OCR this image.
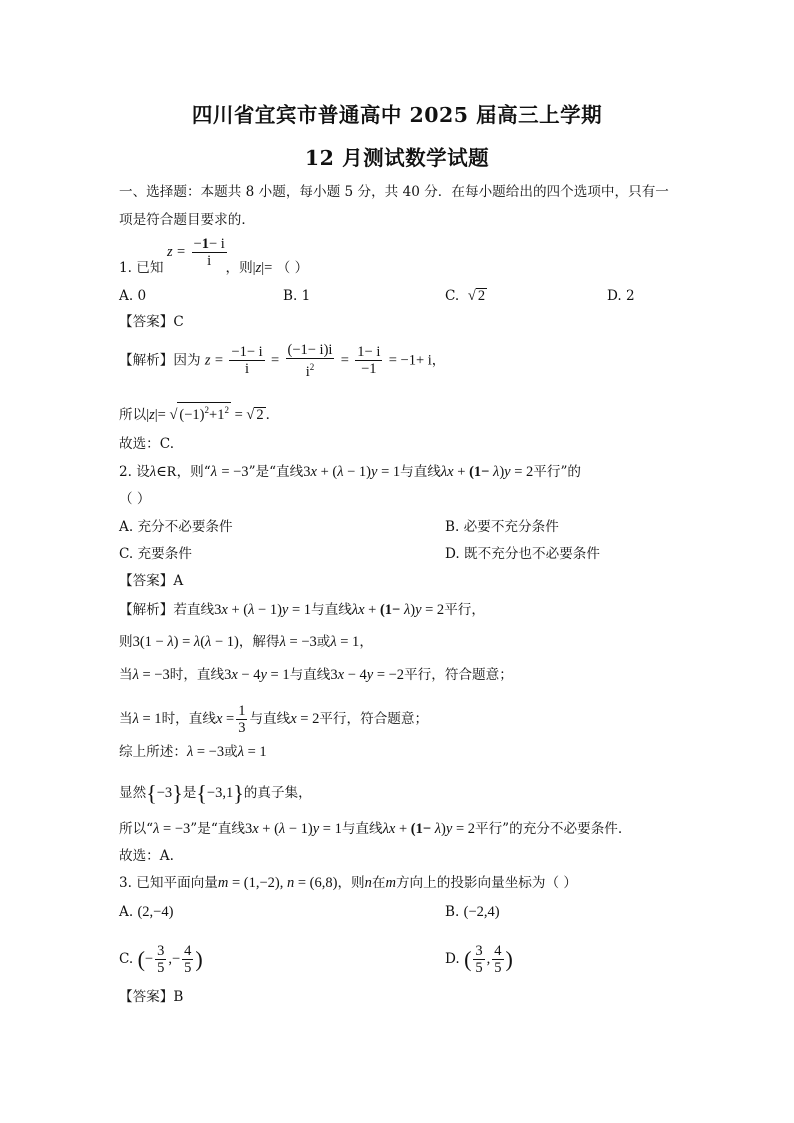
四川省宜宾市普通高中 2025 届高三上学期
12 月测试数学试题
一、选择题：本题共 8 小题，每小题 5 分，共 40 分．在每小题给出的四个选项中，只有一
项是符合题目要求的．
$z = \frac{-1- i}{i}$
1. 已知	，则|z|= （ ）
A. 0	B. 1	C. √ 2	D. 2
【答案】C
【解析】因为 $z = \frac{-1- i}{i} = \frac{(-1- i)i}{i^2} = \frac{1- i}{-1} = -1+ i$，
所以|z|= √ $(-1)^2+1^2$ = √ 2 ．
故选：C.
2. 设λ∈R，则“λ = −3”是“直线3x + (λ − 1)y = 1与直线λx + (1− λ)y = 2平行”的
（ ）
A. 充分不必要条件	B. 必要不充分条件
C. 充要条件	D. 既不充分也不必要条件
【答案】A
【解析】若直线3x + (λ − 1)y = 1与直线λx + (1− λ)y = 2平行，
则3(1 − λ) = λ(λ − 1)，解得λ = −3或λ = 1，
当λ = −3时，直线3x − 4y = 1与直线3x − 4y = −2平行，符合题意；
当λ = 1时，直线$x = \frac{1}{3}$ 与直线x = 2平行，符合题意；
综上所述：λ = −3或λ = 1
显然{−3}是{−3,1}的真子集，
所以“λ = −3”是“直线3x + (λ − 1)y = 1与直线λx + (1− λ)y = 2平行”的充分不必要条件.
故选：A.
3. 已知平面向量m = (1,−2), n = (6,8)，则n在m方向上的投影向量坐标为（ ）
A. (2,−4)	B. (−2,4)
C. (− $\frac{3}{5}$ ,− $\frac{4}{5}$ )	D. ( $\frac{3}{5}$ , $\frac{4}{5}$ )
【答案】B
